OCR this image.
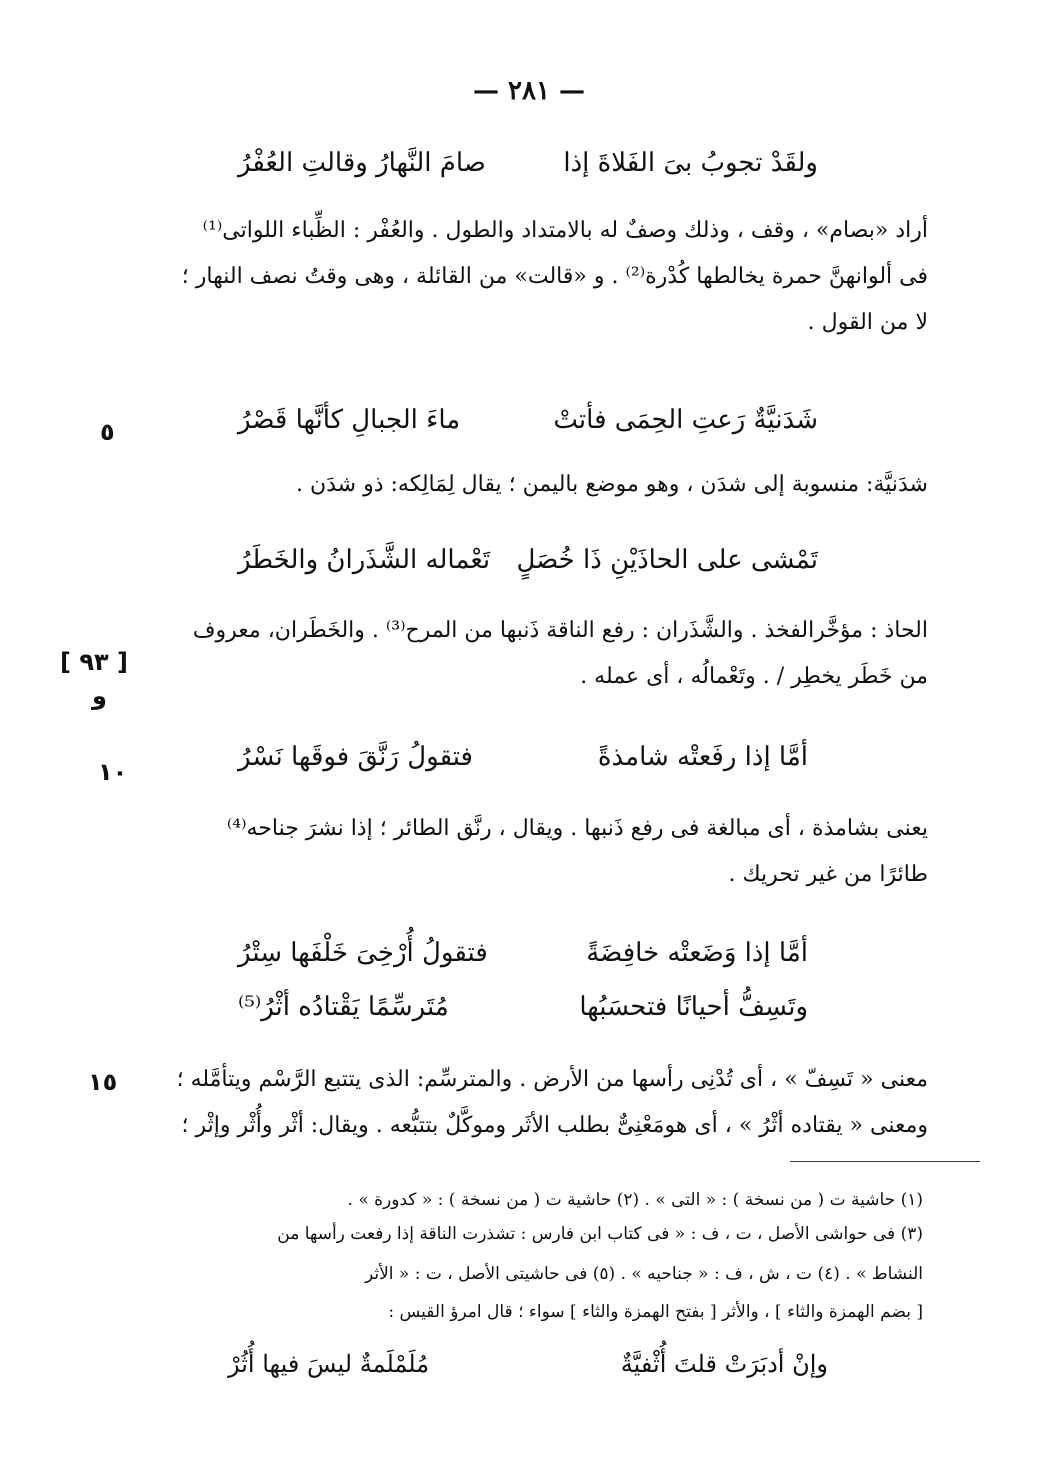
— ٢٨١ —
ولقَدْ تجوبُ بىَ الفَلاةَ إذا
صامَ النَّهارُ وقالتِ العُفْرُ
أراد «بصام» ، وقف ، وذلك وصفٌ له بالامتداد والطول . والعُفْر : الظِّباء اللواتى⁽¹⁾
فى ألوانهنَّ حمرة يخالطها كُدْرة⁽²⁾ . و «قالت» من القائلة ، وهى وقتُ نصف النهار ؛
لا من القول .
شَدَنيَّةٌ رَعتِ الحِمَى فأتتْ
ماءَ الجبالِ كأنَّها قَصْرُ
٥
شدَنيَّة: منسوبة إلى شدَن ، وهو موضع باليمن ؛ يقال لِمَالِكه: ذو شدَن .
تَمْشى على الحاذَيْنِ ذَا خُصَلٍ
تَعْماله الشَّذَرانُ والخَطَرُ
الحاذ : مؤخَّرالفخذ . والشَّذَران : رفع الناقة ذَنبها من المرح⁽³⁾ . والخَطَران، معروف
من خَطَر يخطِر / . وتَعْمالُه ، أى عمله .
[ ٩٣ ]
و
أمَّا إذا رفَعتْه شامذةً
فتقولُ رَنَّقَ فوقَها نَسْرُ
١٠
يعنى بشامذة ، أى مبالغة فى رفع ذَنبها . ويقال ، رنَّق الطائر ؛ إذا نشرَ جناحه⁽⁴⁾
طائرًا من غير تحريك .
أمَّا إذا وَضَعتْه خافِضَةً
فتقولُ أُرْخِىَ خَلْفَها سِتْرُ
وتَسِفُّ أحيانًا فتحسَبُها
مُتَرسِّمًا يَقْتادُه أثْرُ⁽⁵⁾
معنى « تَسِفّ » ، أى تُدْنِى رأسها من الأرض . والمترسِّم: الذى يتتبع الرَّسْم ويتأمَّله ؛
ومعنى « يقتاده أثْرُ » ، أى هومَعْنِىٌّ بطلب الأثَر وموكَّلٌ بتتبُّعه . ويقال: أثْر وأُثْر وإثْر ؛
١٥
(١) حاشية ت ( من نسخة ) : « التى » . (٢) حاشية ت ( من نسخة ) : « كدورة » .
(٣) فى حواشى الأصل ، ت ، ف : « فى كتاب ابن فارس : تشذرت الناقة إذا رفعت رأسها من
النشاط » . (٤) ت ، ش ، ف : « جناحيه » . (٥) فى حاشيتى الأصل ، ت : « الأثر
[ بضم الهمزة والثاء ] ، والأثر [ بفتح الهمزة والثاء ] سواء ؛ قال امرؤ القيس :
وإنْ أدبَرَتْ قلتَ أُثْفيَّةٌ
مُلَمْلَمةٌ ليسَ فيها أُثُرْ
